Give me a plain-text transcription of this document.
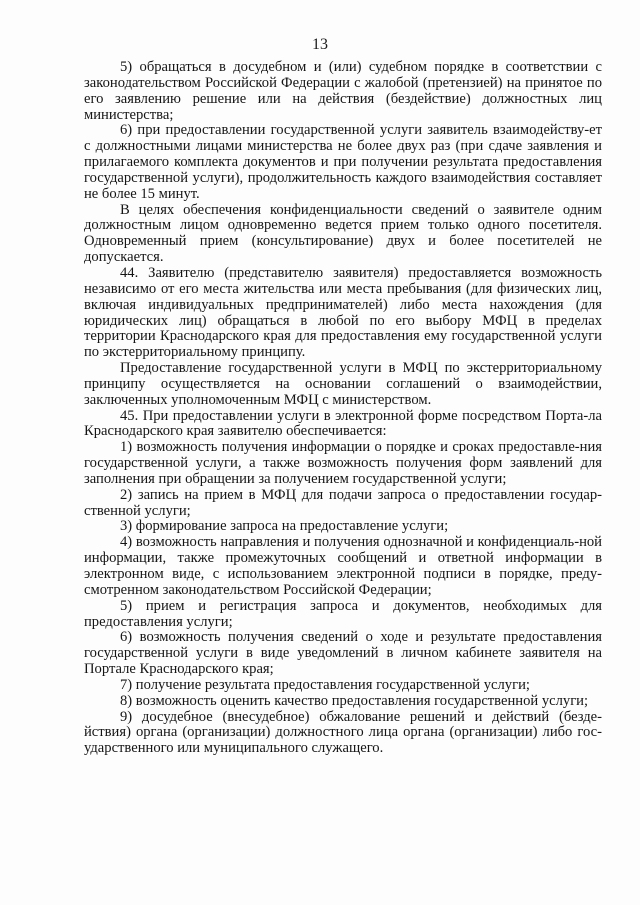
13

5) обращаться в досудебном и (или) судебном порядке в соответствии с законодательством Российской Федерации с жалобой (претензией) на принятое по его заявлению решение или на действия (бездействие) должностных лиц министерства;

6) при предоставлении государственной услуги заявитель взаимодейству-ет с должностными лицами министерства не более двух раз (при сдаче заявления и прилагаемого комплекта документов и при получении результата предоставления государственной услуги), продолжительность каждого взаимодействия составляет не более 15 минут.

В целях обеспечения конфиденциальности сведений о заявителе одним должностным лицом одновременно ведется прием только одного посетителя. Одновременный прием (консультирование) двух и более посетителей не допускается.

44. Заявителю (представителю заявителя) предоставляется возможность независимо от его места жительства или места пребывания (для физических лиц, включая индивидуальных предпринимателей) либо места нахождения (для юридических лиц) обращаться в любой по его выбору МФЦ в пределах территории Краснодарского края для предоставления ему государственной услуги по экстерриториальному принципу.

Предоставление государственной услуги в МФЦ по экстерриториальному принципу осуществляется на основании соглашений о взаимодействии, заключенных уполномоченным МФЦ с министерством.

45. При предоставлении услуги в электронной форме посредством Порта-ла Краснодарского края заявителю обеспечивается:

1) возможность получения информации о порядке и сроках предоставле-ния государственной услуги, а также возможность получения форм заявлений для заполнения при обращении за получением государственной услуги;

2) запись на прием в МФЦ для подачи запроса о предоставлении государ-ственной услуги;

3) формирование запроса на предоставление услуги;

4) возможность направления и получения однозначной и конфиденциаль-ной информации, также промежуточных сообщений и ответной информации в электронном виде, с использованием электронной подписи в порядке, преду-смотренном законодательством Российской Федерации;

5) прием и регистрация запроса и документов, необходимых для предоставления услуги;

6) возможность получения сведений о ходе и результате предоставления государственной услуги в виде уведомлений в личном кабинете заявителя на Портале Краснодарского края;

7) получение результата предоставления государственной услуги;

8) возможность оценить качество предоставления государственной услуги;

9) досудебное (внесудебное) обжалование решений и действий (безде-йствия) органа (организации) должностного лица органа (организации) либо гос-ударственного или муниципального служащего.
